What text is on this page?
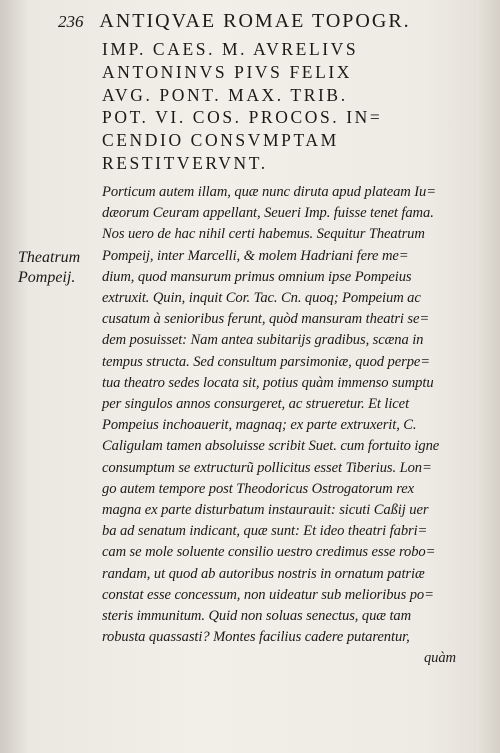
236 ANTIQVAE ROMAE TOPOGR.
IMP. CAES. M. AVRELIVS
ANTONINVS PIVS FELIX
AVG. PONT. MAX. TRIB.
POT. VI. COS. PROCOS. IN=
CENDIO CONSVMPTAM
RESTITVERVNT.
Theatrum
Pompeij.
Porticum autem illam, quæ nunc diruta apud plateam Iu=
dæorum Ceuram appellant, Seueri Imp. fuisse tenet fama.
Nos uero de hac nihil certi habemus. Sequitur Theatrum
Pompeij, inter Marcelli, & molem Hadriani fere me=
dium, quod mansurum primus omnium ipse Pompeius
extruxit. Quin, inquit Cor. Tac. Cn. quoq; Pompeium ac
cusatum à senioribus ferunt, quòd mansuram theatri se=
dem posuisset: Nam antea subitarijs gradibus, scæna in
tempus structa. Sed consultum parsimoniæ, quod perpe=
tua theatro sedes locata sit, potius quàm immenso sumptu
per singulos annos consurgeret, ac strueretur. Et licet
Pompeius inchoauerit, magnaq; ex parte extruxerit, C.
Caligulam tamen absoluisse scribit Suet. cum fortuito igne
consumptum se extructurũ pollicitus esset Tiberius. Lon=
go autem tempore post Theodoricus Ostrogatorum rex
magna ex parte disturbatum instaurauit: sicuti Caßij uer
ba ad senatum indicant, quæ sunt: Et ideo theatri fabri=
cam se mole soluente consilio uestro credimus esse robo=
randam, ut quod ab autoribus nostris in ornatum patriæ
constat esse concessum, non uideatur sub melioribus po=
steris immunitum. Quid non soluas senectus, quæ tam
robusta quassasti? Montes facilius cadere putarentur,
quàm
